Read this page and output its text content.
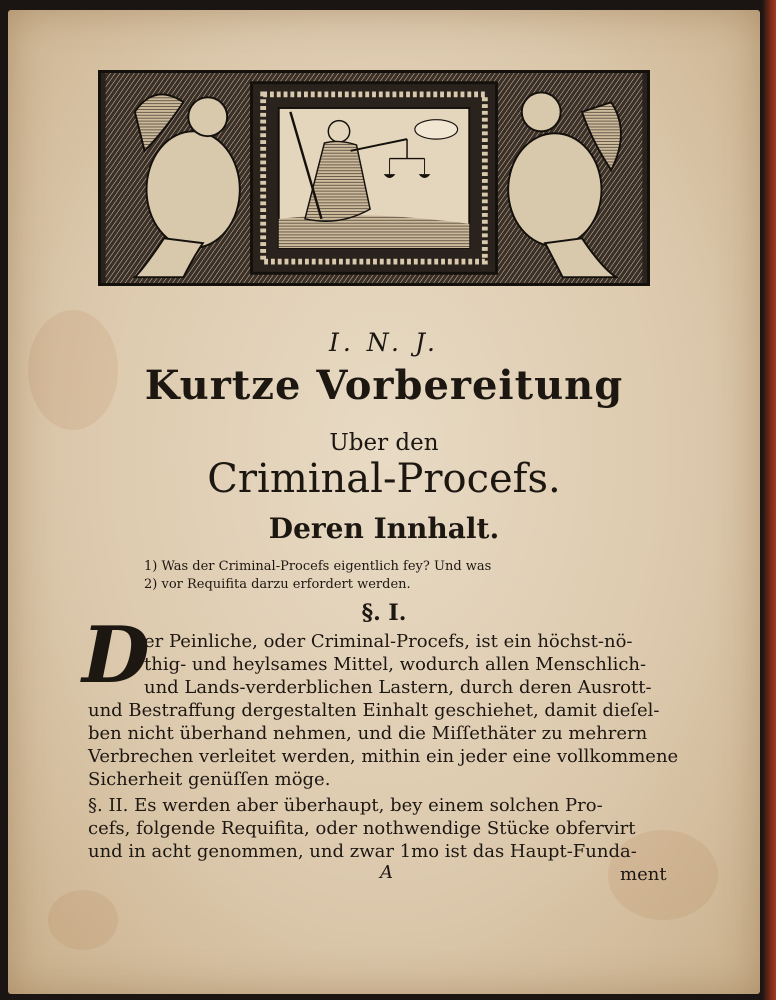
I. N. J.
Kurtze Vorbereitung
Uber den
Criminal-Procefs.
Deren Innhalt.
1) Was der Criminal-Procefs eigentlich fey? Und was
2) vor Requifita darzu erfordert werden.
§. I.
D
er Peinliche, oder Criminal-Procefs, ist ein höchst-nö-
thig- und heylsames Mittel, wodurch allen Menschlich-
und Lands-verderblichen Lastern, durch deren Ausrott-
und Bestraffung dergestalten Einhalt geschiehet, damit dieſel-
ben nicht überhand nehmen, und die Miſſethäter zu mehrern
Verbrechen verleitet werden, mithin ein jeder eine vollkommene
Sicherheit genüſſen möge.
§. II. Es werden aber überhaupt, bey einem solchen Pro-
cefs, folgende Requifita, oder nothwendige Stücke obfervirt
und in acht genommen, und zwar 1mo ist das Haupt-Funda-
A	ment
